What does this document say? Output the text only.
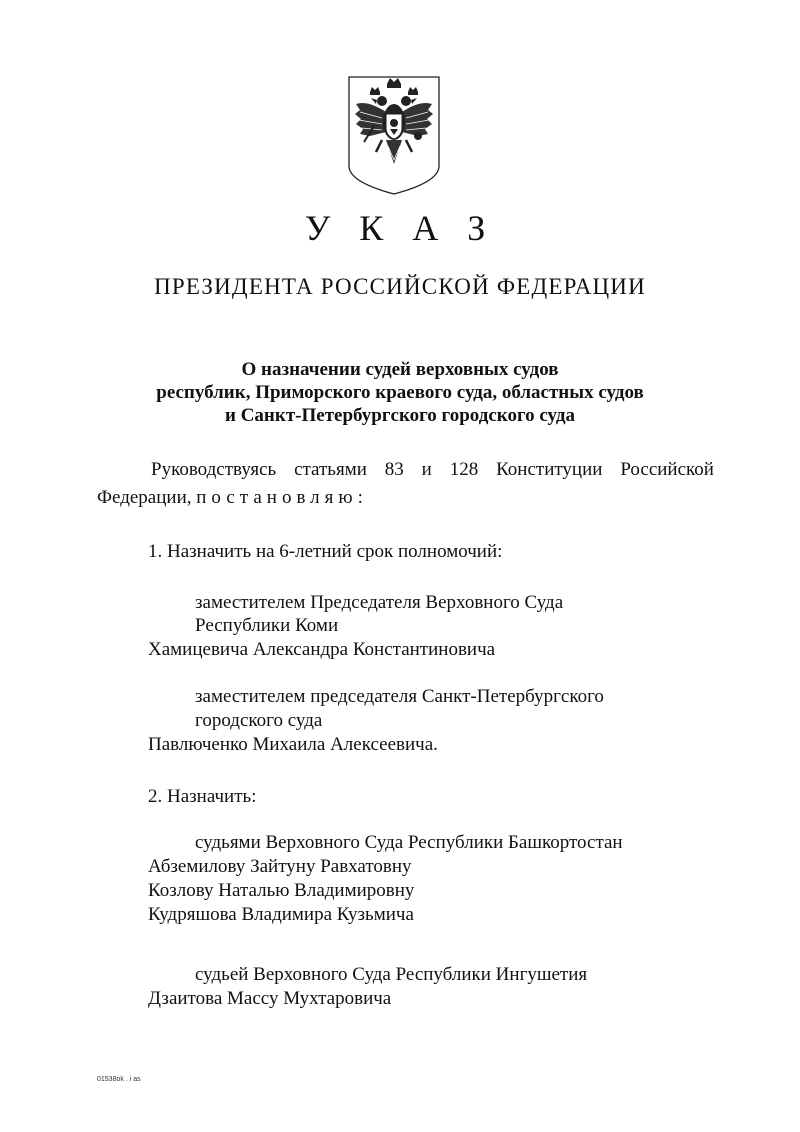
У К А З
ПРЕЗИДЕНТА РОССИЙСКОЙ ФЕДЕРАЦИИ
О назначении судей верховных судов
республик, Приморского краевого суда, областных судов
и Санкт-Петербургского городского суда
Руководствуясь статьями 83 и 128 Конституции Российской
Федерации, постановляю:
1. Назначить на 6-летний срок полномочий:
заместителем Председателя Верховного Суда
Республики Коми
Хамицевича Александра Константиновича
заместителем председателя Санкт-Петербургского
городского суда
Павлюченко Михаила Алексеевича.
2. Назначить:
судьями Верховного Суда Республики Башкортостан
Абземилову Зайтуну Равхатовну
Козлову Наталью Владимировну
Кудряшова Владимира Кузьмича
судьей Верховного Суда Республики Ингушетия
Дзаитова Массу Мухтаровича
01538ok . i as
